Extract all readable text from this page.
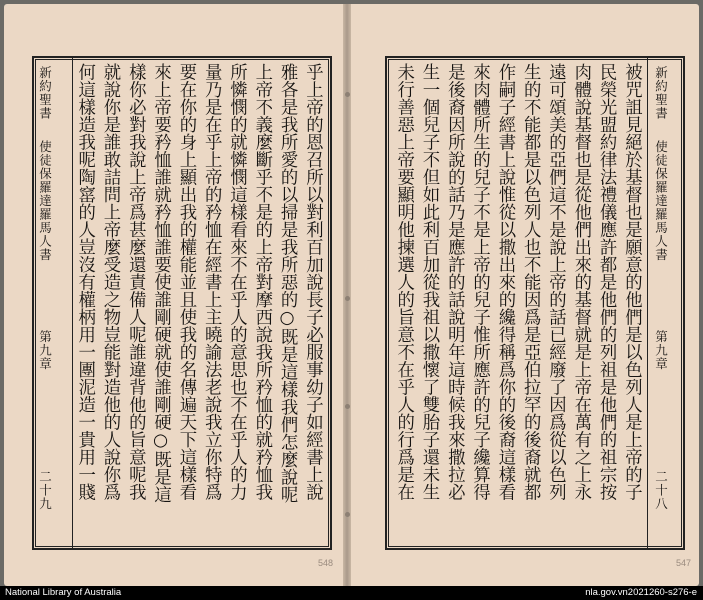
乎上帝的恩召所以對利百加說長子必服事幼子如經書上說
雅各是我所愛的以掃是我所惡的○既是這樣我們怎麼說呢
上帝不義麼斷乎不是的上帝對摩西說我所矜恤的就矜恤我
所憐憫的就憐憫這樣看來不在乎人的意思也不在乎人的力
量乃是在乎上帝的矜恤在經書上主曉諭法老說我立你特爲
要在你的身上顯出我的權能並且使我的名傳遍天下這樣看
來上帝要矜恤誰就矜恤誰要使誰剛硬就使誰剛硬○既是這
樣你必對我說上帝爲甚麼還責備人呢誰違背他的旨意呢我
就說你是誰敢詰問上帝麼受造之物豈能對造他的人說你爲
何這樣造我呢陶窰的人豈沒有權柄用一團泥造一貴用一賤
新約聖書
使徒保羅達羅馬人書
第九章
二十九
548
被咒詛見絕於基督也是願意的他們是以色列人是上帝的子
民榮光盟約律法禮儀應許都是他們的列祖是他們的祖宗按
肉體說基督也是從他們出來的基督就是上帝在萬有之上永
遠可頌美的亞們這不是說上帝的話已經廢了因爲從以色列
生的不能都是以色列人也不能因爲是亞伯拉罕的後裔就都
作嗣子經書上說惟從以撒出來的纔得稱爲你的後裔這樣看
來肉體所生的兒子不是上帝的兒子惟所應許的兒子纔算得
是後裔因所說的話乃是應許的話說明年這時候我來撒拉必
生一個兒子不但如此利百加從我祖以撒懷了雙胎子還未生
未行善惡上帝要顯明他揀選人的旨意不在乎人的行爲是在	新約聖書
使徒保羅達羅馬人書
第九章
二十八
547
National Library of Australia	nla.gov.vn2021260-s276-e
